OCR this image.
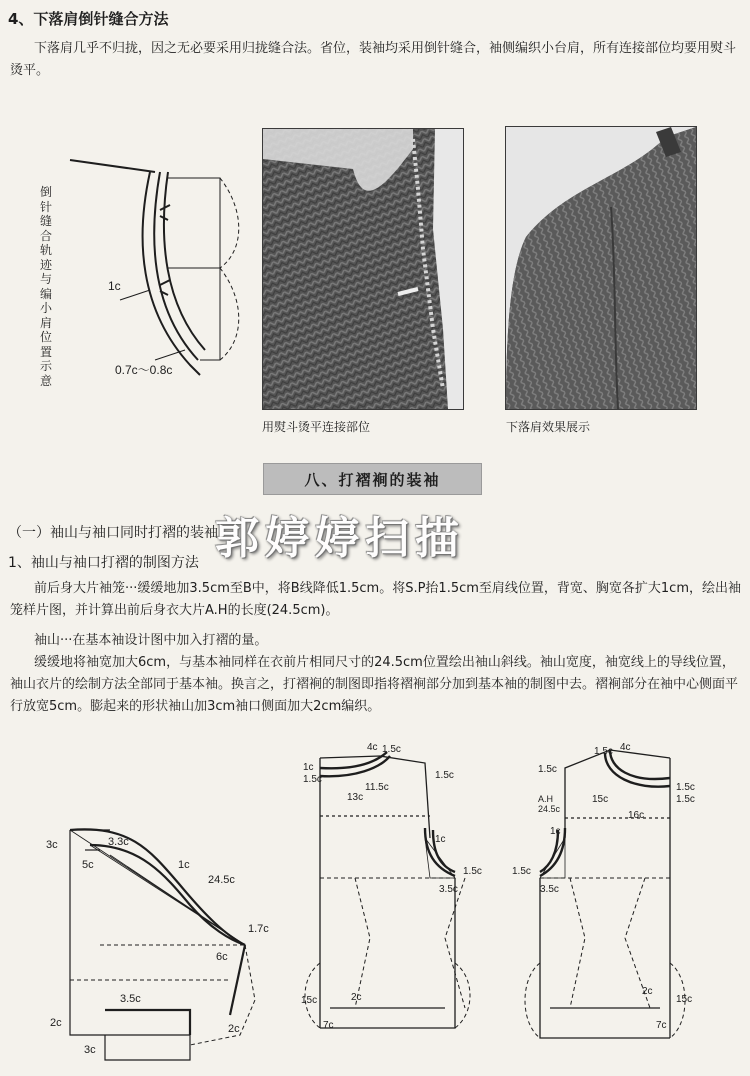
4、下落肩倒针缝合方法
下落肩几乎不归拢，因之无必要采用归拢缝合法。省位，装袖均采用倒针缝合，袖侧编织小台肩，所有连接部位均要用熨斗烫平。
倒针缝合轨迹与编小肩位置示意
1c
0.7c～0.8c
用熨斗烫平连接部位	下落肩效果展示
八、打褶裥的装袖
（一）袖山与袖口同时打褶的装袖
1、袖山与袖口打褶的制图方法
前后身大片袖笼···缓缓地加3.5cm至B中，将B线降低1.5cm。将S.P抬1.5cm至肩线位置，背宽、胸宽各扩大1cm，绘出袖笼样片图，并计算出前后身衣大片A.H的长度(24.5cm)。
袖山···在基本袖设计图中加入打褶的量。
缓缓地将袖宽加大6cm，与基本袖同样在衣前片相同尺寸的24.5cm位置绘出袖山斜线。袖山宽度，袖宽线上的导线位置，袖山衣片的绘制方法全部同于基本袖。换言之，打褶裥的制图即指将褶裥部分加到基本袖的制图中去。褶裥部分在袖中心侧面平行放宽5cm。膨起来的形状袖山加3cm袖口侧面加大2cm编织。
郭婷婷扫描
3c
5c
3.3c
1c
24.5c
1.7c
6c
3.5c
2c	2c
3c
4c 1.5c
1c
1.5c
13c
11.5c
1.5c
1c
1.5c
3.5c
15c	2c
7c
1.5c
4c
1.5c
A.H
24.5c
15c
1.5c
1.5c
16c
1c
1.5c
3.5c
15c
2c
7c
